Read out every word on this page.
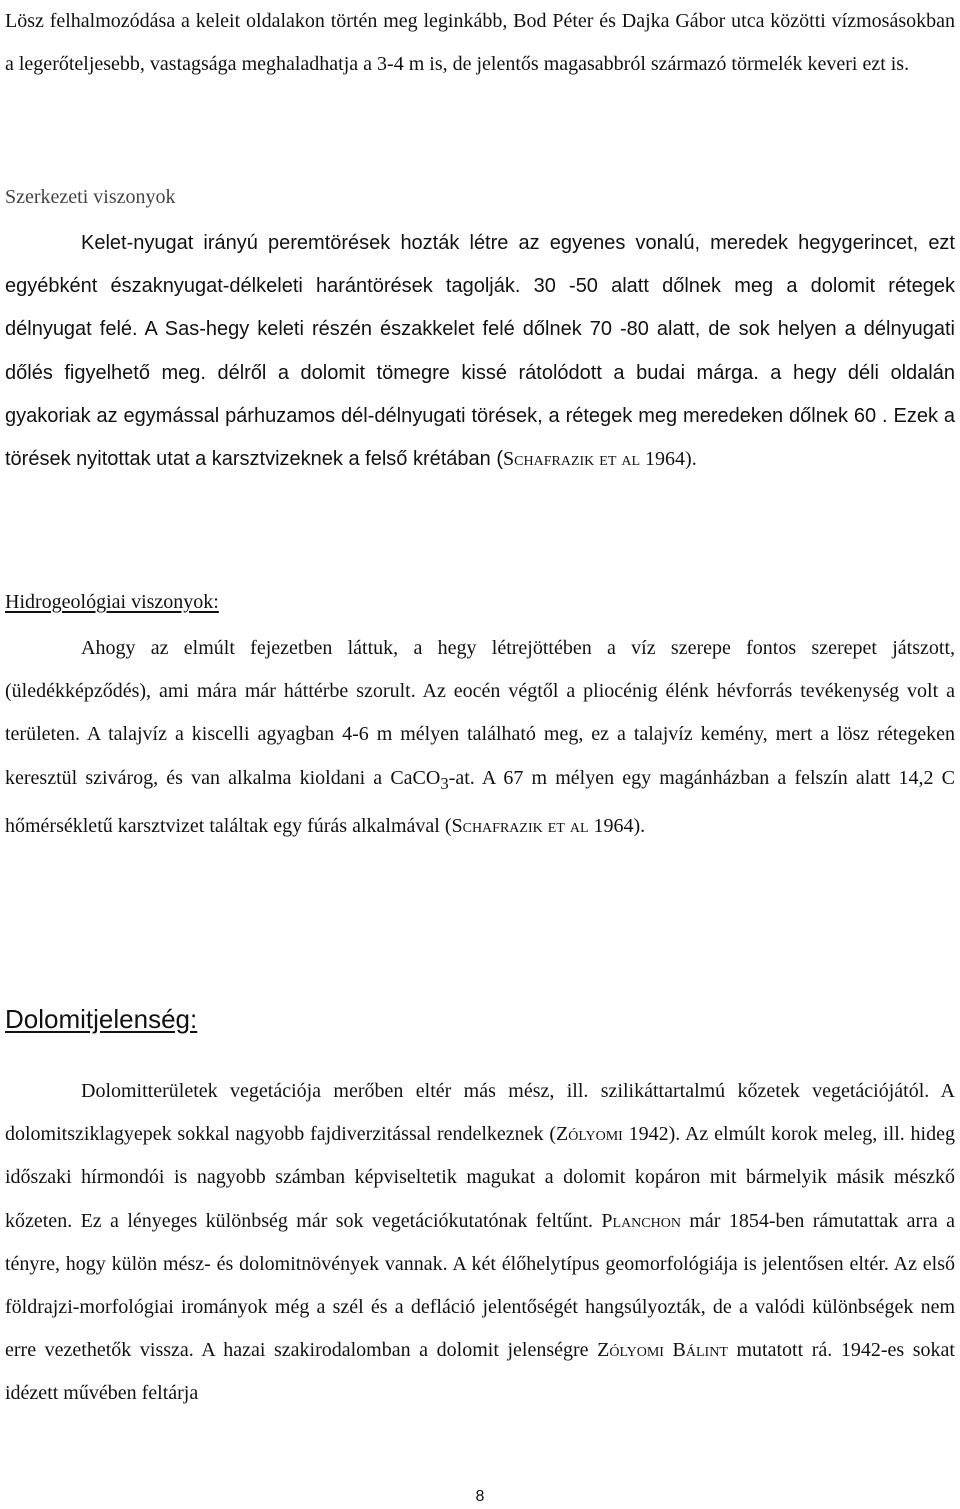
Lösz felhalmozódása a keleit oldalakon történ meg leginkább, Bod Péter és Dajka Gábor utca közötti vízmosásokban a legerőteljesebb, vastagsága meghaladhatja a 3-4 m is, de jelentős magasabbról származó törmelék keveri ezt is.

Szerkezeti viszonyok

Kelet-nyugat irányú peremtörések hozták létre az egyenes vonalú, meredek hegygerincet, ezt egyébként északnyugat-délkeleti harántörések tagolják. 30 -50 alatt dőlnek meg a dolomit rétegek délnyugat felé. A Sas-hegy keleti részén északkelet felé dőlnek 70 -80 alatt, de sok helyen a délnyugati dőlés figyelhető meg. délről a dolomit tömegre kissé rátolódott a budai márga. a hegy déli oldalán gyakoriak az egymással párhuzamos dél-délnyugati törések, a rétegek meg meredeken dőlnek 60 . Ezek a törések nyitottak utat a karsztvizeknek a felső krétában (Schafrazik et al 1964).

Hidrogeológiai viszonyok:

Ahogy az elmúlt fejezetben láttuk, a hegy létrejöttében a víz szerepe fontos szerepet játszott, (üledékképződés), ami mára már háttérbe szorult. Az eocén végtől a pliocénig élénk hévforrás tevékenység volt a területen. A talajvíz a kiscelli agyagban 4-6 m mélyen található meg, ez a talajvíz kemény, mert a lösz rétegeken keresztül szivárog, és van alkalma kioldani a CaCO$_3$-at. A 67 m mélyen egy magánházban a felszín alatt 14,2 C hőmérsékletű karsztvizet találtak egy fúrás alkalmával (Schafrazik et al 1964).

Dolomitjelenség:

Dolomitterületek vegetációja merőben eltér más mész, ill. szilikáttartalmú kőzetek vegetációjától. A dolomitsziklagyepek sokkal nagyobb fajdiverzitással rendelkeznek (Zólyomi 1942). Az elmúlt korok meleg, ill. hideg időszaki hírmondói is nagyobb számban képviseltetik magukat a dolomit kopáron mit bármelyik másik mészkő kőzeten. Ez a lényeges különbség már sok vegetációkutatónak feltűnt. Planchon már 1854-ben rámutattak arra a tényre, hogy külön mész- és dolomitnövények vannak. A két élőhelytípus geomorfológiája is jelentősen eltér. Az első földrajzi-morfológiai irományok még a szél és a defláció jelentőségét hangsúlyozták, de a valódi különbségek nem erre vezethetők vissza. A hazai szakirodalomban a dolomit jelenségre Zólyomi Bálint mutatott rá. 1942-es sokat idézett művében feltárja

8
